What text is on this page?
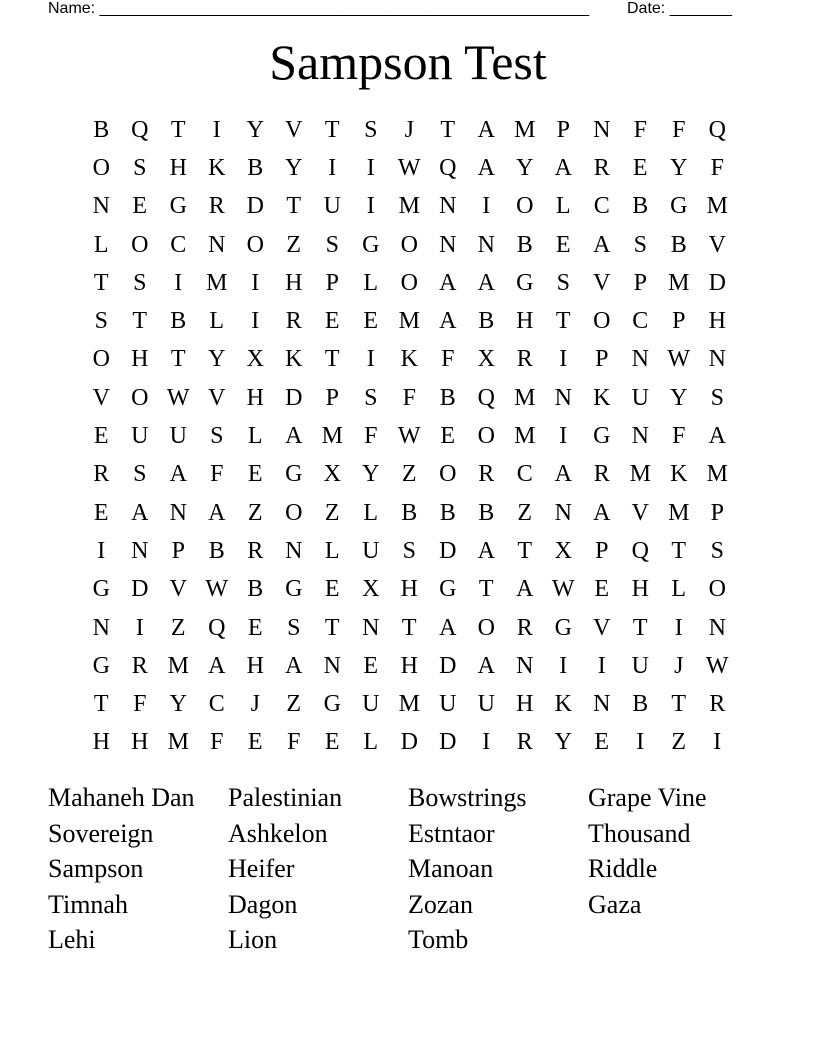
Name: _______________________________________________________ Date: _______
Sampson Test
B Q T	I	Y V T	S	J	T A M P N F	F Q
O S H K B Y	I	I W Q A Y A R E Y F
N E G R D T U	I M N	I	O L C B G M
L O C N O Z	S G O N N B E A S B V
T	S	I M I	H P	L O A A G S V P M D
S	T B L	I	R E E M A B H T O C P H
O H T Y X K T	I	K F X R	I	P N W N
V O W V H D P	S	F B Q M N K U Y S
E U U S	L A M F W E O M I	G N F A
R S A F	E G X Y Z O R C A R M K M
E A N A Z O Z L B B B Z N A V M P
I	N P B R N L U S D A T X P Q T	S
G D V W B G E X H G T A W E H L O
N	I	Z Q E	S	T N T A O R G V T	I	N
G R M A H A N E H D A N	I	I	U	J W
T	F Y C	J	Z G U M U U H K N B T R
H H M F	E	F	E L D D	I	R Y E	I	Z	I
Mahaneh Dan	Palestinian	Bowstrings	Grape Vine
Sovereign	Ashkelon	Estntaor	Thousand
Sampson	Heifer	Manoan	Riddle
Timnah	Dagon	Zozan	Gaza
Lehi	Lion	Tomb
